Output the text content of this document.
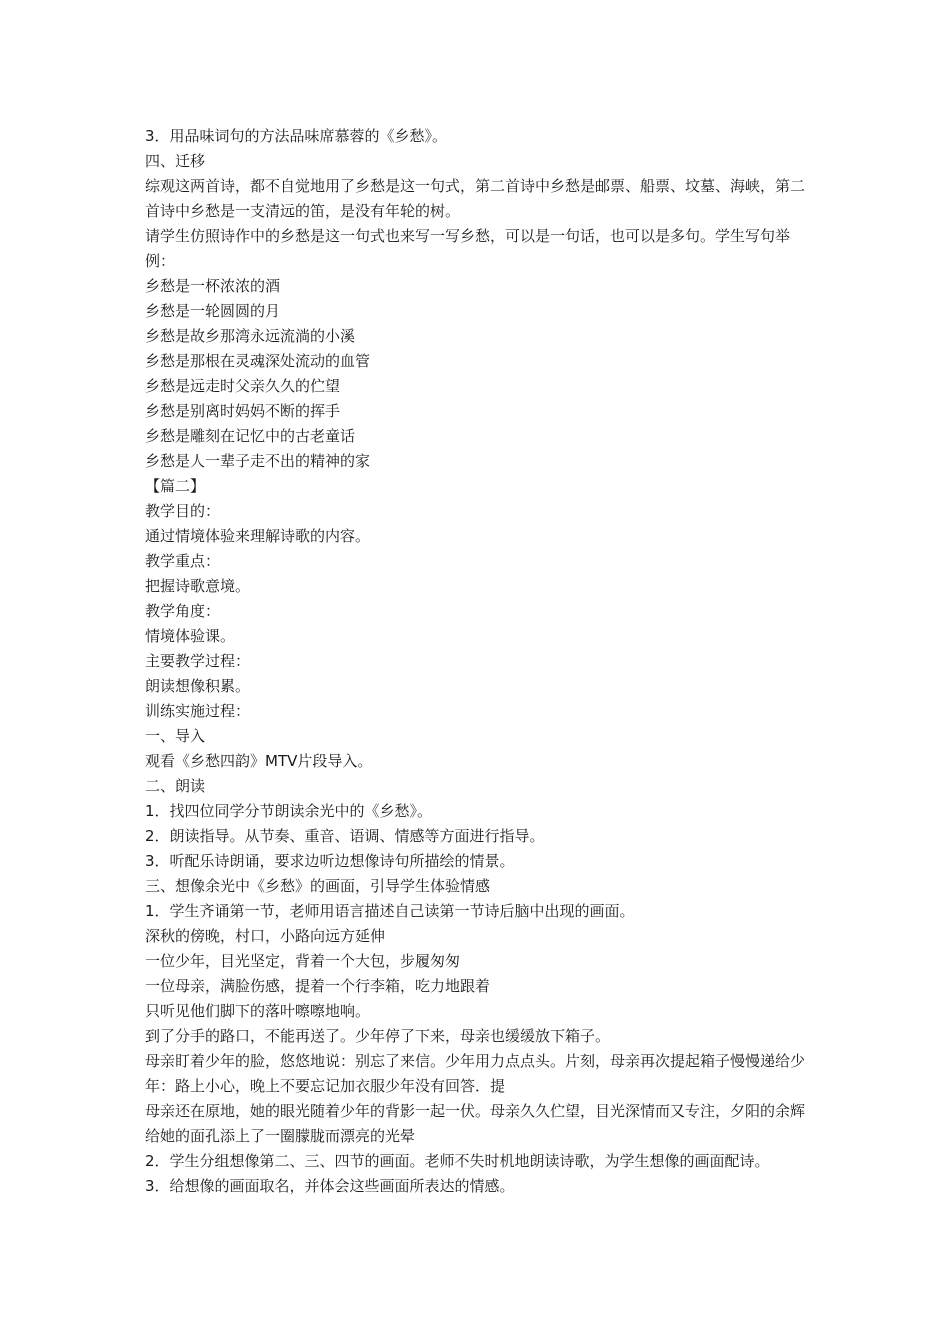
3．用品味词句的方法品味席慕蓉的《乡愁》。
四、迁移
综观这两首诗，都不自觉地用了乡愁是这一句式，第二首诗中乡愁是邮票、船票、坟墓、海峡，第二首诗中乡愁是一支清远的笛，是没有年轮的树。
请学生仿照诗作中的乡愁是这一句式也来写一写乡愁，可以是一句话，也可以是多句。学生写句举例：
乡愁是一杯浓浓的酒
乡愁是一轮圆圆的月
乡愁是故乡那湾永远流淌的小溪
乡愁是那根在灵魂深处流动的血管
乡愁是远走时父亲久久的伫望
乡愁是别离时妈妈不断的挥手
乡愁是雕刻在记忆中的古老童话
乡愁是人一辈子走不出的精神的家
【篇二】
教学目的：
通过情境体验来理解诗歌的内容。
教学重点：
把握诗歌意境。
教学角度：
情境体验课。
主要教学过程：
朗读想像积累。
训练实施过程：
一、导入
观看《乡愁四韵》MTV片段导入。
二、朗读
1．找四位同学分节朗读余光中的《乡愁》。
2．朗读指导。从节奏、重音、语调、情感等方面进行指导。
3．听配乐诗朗诵，要求边听边想像诗句所描绘的情景。
三、想像余光中《乡愁》的画面，引导学生体验情感
1．学生齐诵第一节，老师用语言描述自己读第一节诗后脑中出现的画面。
深秋的傍晚，村口，小路向远方延伸
一位少年，目光坚定，背着一个大包，步履匆匆
一位母亲，满脸伤感，提着一个行李箱，吃力地跟着
只听见他们脚下的落叶嚓嚓地响。
到了分手的路口，不能再送了。少年停了下来，母亲也缓缓放下箱子。
母亲盯着少年的脸，悠悠地说：别忘了来信。少年用力点点头。片刻，母亲再次提起箱子慢慢递给少年：路上小心，晚上不要忘记加衣服少年没有回答．提
母亲还在原地，她的眼光随着少年的背影一起一伏。母亲久久伫望，目光深情而又专注，夕阳的余辉给她的面孔添上了一圈朦胧而漂亮的光晕
2．学生分组想像第二、三、四节的画面。老师不失时机地朗读诗歌，为学生想像的画面配诗。
3．给想像的画面取名，并体会这些画面所表达的情感。
